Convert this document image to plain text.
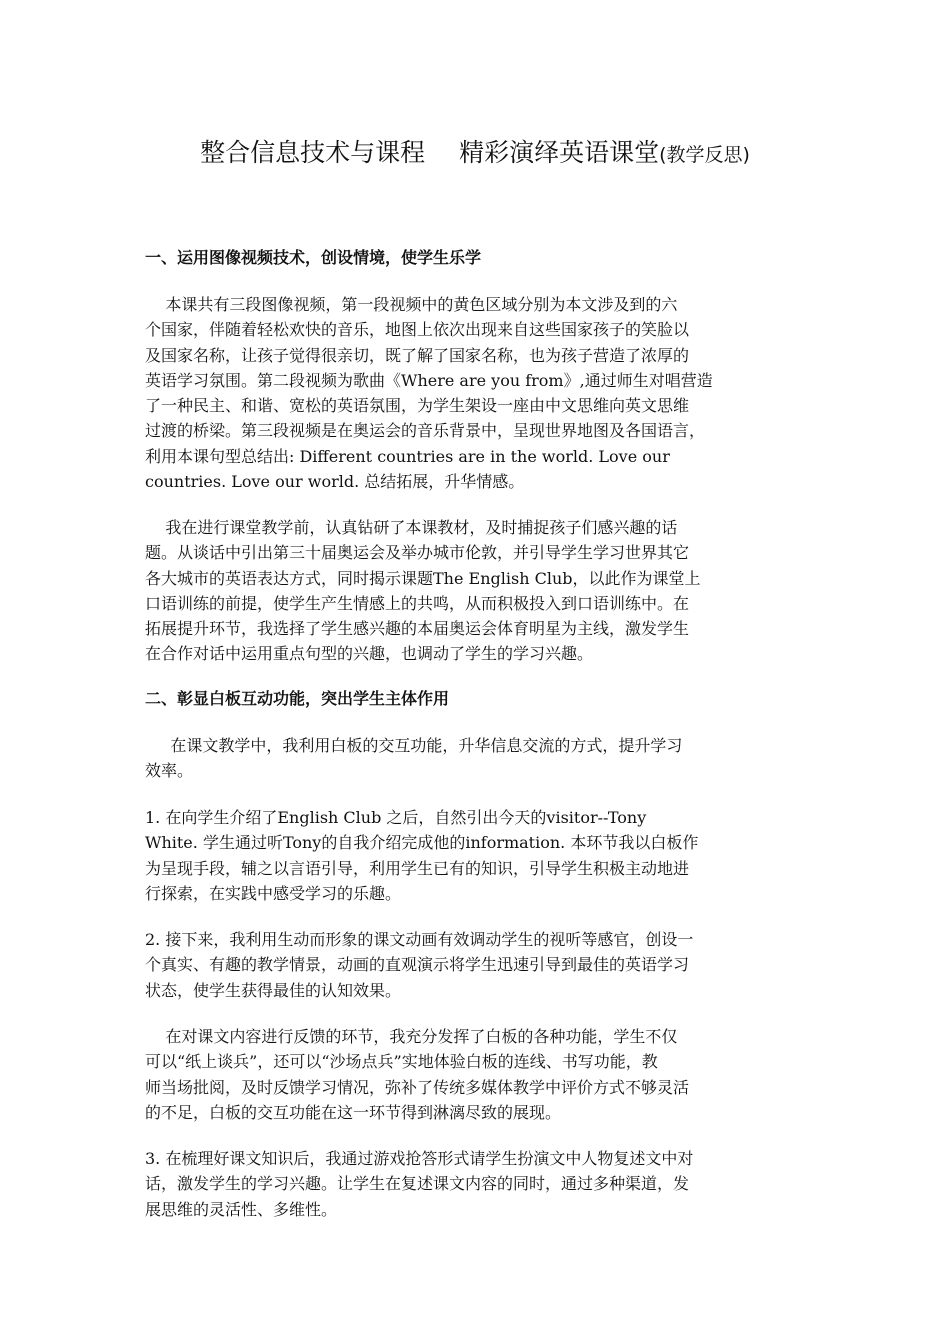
整合信息技术与课程 精彩演绎英语课堂(教学反思)
一、运用图像视频技术，创设情境，使学生乐学
本课共有三段图像视频，第一段视频中的黄色区域分别为本文涉及到的六
个国家，伴随着轻松欢快的音乐，地图上依次出现来自这些国家孩子的笑脸以
及国家名称，让孩子觉得很亲切，既了解了国家名称，也为孩子营造了浓厚的
英语学习氛围。第二段视频为歌曲《Where are you from》,通过师生对唱营造
了一种民主、和谐、宽松的英语氛围，为学生架设一座由中文思维向英文思维
过渡的桥梁。第三段视频是在奥运会的音乐背景中，呈现世界地图及各国语言，
利用本课句型总结出: Different countries are in the world. Love our
countries. Love our world. 总结拓展，升华情感。
我在进行课堂教学前，认真钻研了本课教材，及时捕捉孩子们感兴趣的话
题。从谈话中引出第三十届奥运会及举办城市伦敦，并引导学生学习世界其它
各大城市的英语表达方式，同时揭示课题The English Club，以此作为课堂上
口语训练的前提，使学生产生情感上的共鸣，从而积极投入到口语训练中。在
拓展提升环节，我选择了学生感兴趣的本届奥运会体育明星为主线，激发学生
在合作对话中运用重点句型的兴趣，也调动了学生的学习兴趣。
二、彰显白板互动功能，突出学生主体作用
在课文教学中，我利用白板的交互功能，升华信息交流的方式，提升学习
效率。
1. 在向学生介绍了English Club 之后，自然引出今天的visitor--Tony
White. 学生通过听Tony的自我介绍完成他的information. 本环节我以白板作
为呈现手段，辅之以言语引导，利用学生已有的知识，引导学生积极主动地进
行探索，在实践中感受学习的乐趣。
2. 接下来，我利用生动而形象的课文动画有效调动学生的视听等感官，创设一
个真实、有趣的教学情景，动画的直观演示将学生迅速引导到最佳的英语学习
状态，使学生获得最佳的认知效果。
在对课文内容进行反馈的环节，我充分发挥了白板的各种功能，学生不仅
可以“纸上谈兵”，还可以“沙场点兵”实地体验白板的连线、书写功能，教
师当场批阅，及时反馈学习情况，弥补了传统多媒体教学中评价方式不够灵活
的不足，白板的交互功能在这一环节得到淋漓尽致的展现。
3. 在梳理好课文知识后，我通过游戏抢答形式请学生扮演文中人物复述文中对
话，激发学生的学习兴趣。让学生在复述课文内容的同时，通过多种渠道，发
展思维的灵活性、多维性。
